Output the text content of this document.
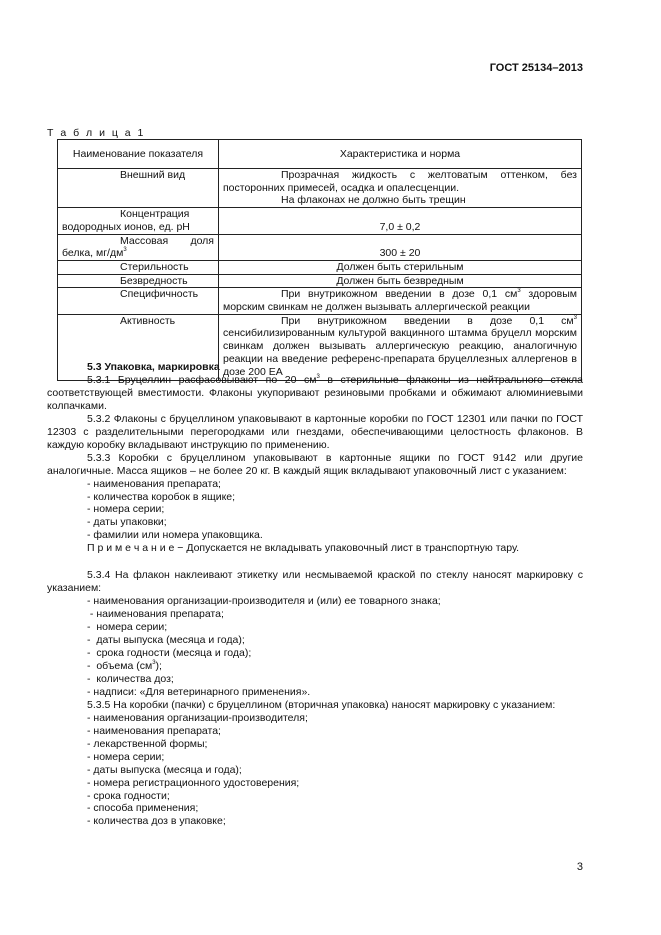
ГОСТ 25134–2013
Т а б л и ц а 1
Наименование показателя	Характеристика и норма
Внешний вид	Прозрачная жидкость с желтоватым оттенком, без посторонних примесей, осадка и опалесценции.
На флаконах не должно быть трещин

Концентрация водородных ионов, ед. рН	7,0 ± 0,2
Массовая доля белка, $мг/дм^3$	300 ± 20
Стерильность	Должен быть стерильным
Безвредность	Должен быть безвредным
Специфичность	При внутрикожном введении в дозе 0,1 $см^3$ здоровым морским свинкам не должен вызывать аллергической реакции
Активность	При внутрикожном введении в дозе 0,1 $см^3$ сенсибилизированным культурой вакцинного штамма бруцелл морским свинкам должен вызывать аллергическую реакцию, аналогичную реакции на введение референс-препарата бруцеллезных аллергенов в дозе 200 ЕА

5.3 Упаковка, маркировка

5.3.1 Бруцеллин расфасовывают по 20 $см^3$ в стерильные флаконы из нейтрального стекла соответствующей вместимости. Флаконы укупоривают резиновыми пробками и обжимают алюминиевыми колпачками.

5.3.2 Флаконы с бруцеллином упаковывают в картонные коробки по ГОСТ 12301 или пачки по ГОСТ 12303 с разделительными перегородками или гнездами, обеспечивающими целостность флаконов. В каждую коробку вкладывают инструкцию по применению.

5.3.3 Коробки с бруцеллином упаковывают в картонные ящики по ГОСТ 9142 или другие аналогичные. Масса ящиков – не более 20 кг. В каждый ящик вкладывают упаковочный лист с указанием:

- наименования препарата;

- количества коробок в ящике;

- номера серии;

- даты упаковки;

- фамилии или номера упаковщика.

П р и м е ч а н и е − Допускается не вкладывать упаковочный лист в транспортную тару.

5.3.4 На флакон наклеивают этикетку или несмываемой краской по стеклу наносят маркировку с указанием:

- наименования организации-производителя и (или) ее товарного знака;

- наименования препарата;

-  номера серии;

-  даты выпуска (месяца и года);

-  срока годности (месяца и года);

-  объема $(см^3)$;

-  количества доз;

- надписи: «Для ветеринарного применения».

5.3.5 На коробки (пачки) с бруцеллином (вторичная упаковка) наносят маркировку с указанием:

- наименования организации-производителя;

- наименования препарата;

- лекарственной формы;

- номера серии;

- даты выпуска (месяца и года);

- номера регистрационного удостоверения;

- срока годности;

- способа применения;

- количества доз в упаковке;

3
